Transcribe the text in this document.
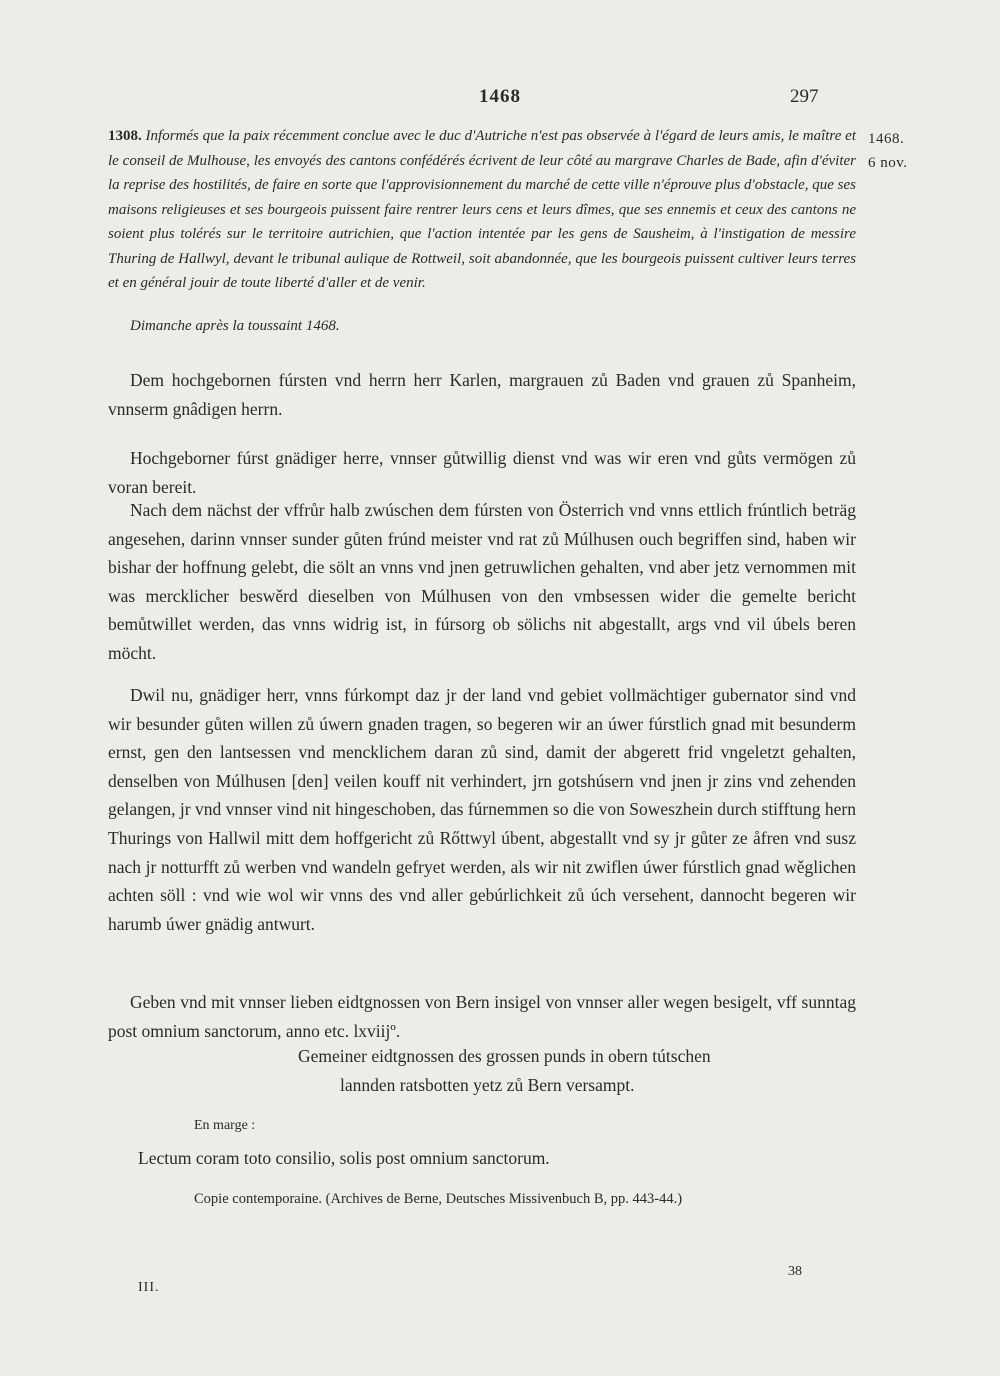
1468	297
1468.
6 nov.
1308. Informés que la paix récemment conclue avec le duc d'Autriche n'est pas observée à l'égard de leurs amis, le maître et le conseil de Mulhouse, les envoyés des cantons confédérés écrivent de leur côté au margrave Charles de Bade, afin d'éviter la reprise des hostilités, de faire en sorte que l'approvisionnement du marché de cette ville n'éprouve plus d'obstacle, que ses maisons religieuses et ses bourgeois puissent faire rentrer leurs cens et leurs dîmes, que ses ennemis et ceux des cantons ne soient plus tolérés sur le territoire autrichien, que l'action intentée par les gens de Sausheim, à l'instigation de messire Thuring de Hallwyl, devant le tribunal aulique de Rottweil, soit abandonnée, que les bourgeois puissent cultiver leurs terres et en général jouir de toute liberté d'aller et de venir.
Dimanche après la toussaint 1468.

Dem hochgebornen fúrsten vnd herrn herr Karlen, margrauen zů Baden vnd grauen zů Spanheim, vnnserm gnâdigen herrn.

Hochgeborner fúrst gnädiger herre, vnnser gůtwillig dienst vnd was wir eren vnd gůts vermögen zů voran bereit.

Nach dem nächst der vffrůr halb zwúschen dem fúrsten von Österrich vnd vnns ettlich frúntlich beträg angesehen, darinn vnnser sunder gůten frúnd meister vnd rat zů Múlhusen ouch begriffen sind, haben wir bishar der hoffnung gelebt, die sölt an vnns vnd jnen getruwlichen gehalten, vnd aber jetz vernommen mit was mercklicher beswěrd dieselben von Múlhusen von den vmbsessen wider die gemelte bericht bemůtwillet werden, das vnns widrig ist, in fúrsorg ob sölichs nit abgestallt, args vnd vil úbels beren möcht.

Dwil nu, gnädiger herr, vnns fúrkompt daz jr der land vnd gebiet vollmächtiger gubernator sind vnd wir besunder gůten willen zů úwern gnaden tragen, so begeren wir an úwer fúrstlich gnad mit besunderm ernst, gen den lantsessen vnd mencklichem daran zů sind, damit der abgerett frid vngeletzt gehalten, denselben von Múlhusen [den] veilen kouff nit verhindert, jrn gotshúsern vnd jnen jr zins vnd zehenden gelangen, jr vnd vnnser vind nit hingeschoben, das fúrnemmen so die von Soweszhein durch stifftung hern Thurings von Hallwil mitt dem hoffgericht zů Rőttwyl úbent, abgestallt vnd sy jr gůter ze åfren vnd susz nach jr notturfft zů werben vnd wandeln gefryet werden, als wir nit zwiflen úwer fúrstlich gnad wěglichen achten söll : vnd wie wol wir vnns des vnd aller gebúrlichkeit zů úch versehent, dannocht begeren wir harumb úwer gnädig antwurt.

Geben vnd mit vnnser lieben eidtgnossen von Bern insigel von vnnser aller wegen besigelt, vff sunntag post omnium sanctorum, anno etc. lxviijº.

Gemeiner eidtgnossen des grossen punds in obern tútschen
lannden ratsbotten yetz zů Bern versampt.
En marge :
Lectum coram toto consilio, solis post omnium sanctorum.
Copie contemporaine. (Archives de Berne, Deutsches Missivenbuch B, pp. 443-44.)
III.
38
